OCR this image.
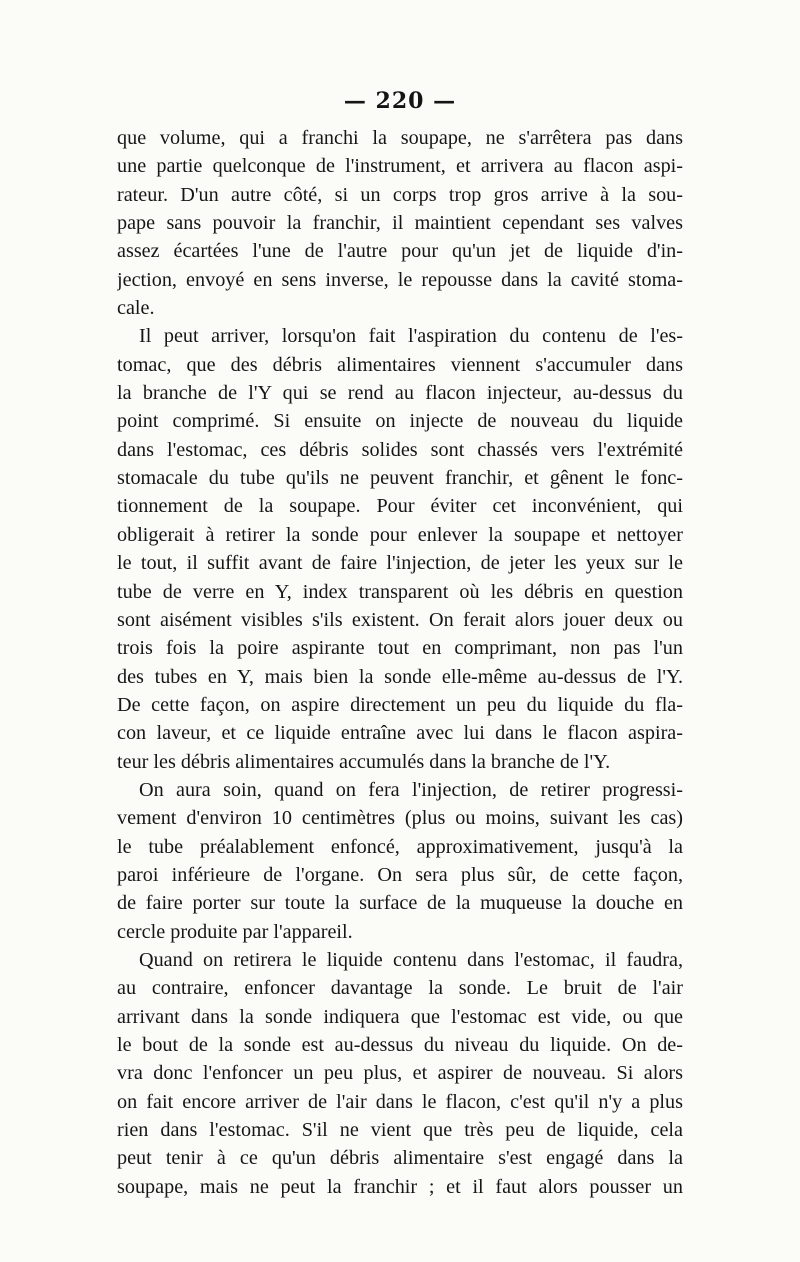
— 220 —
que volume, qui a franchi la soupape, ne s'arrêtera pas dans
une partie quelconque de l'instrument, et arrivera au flacon aspi-
rateur. D'un autre côté, si un corps trop gros arrive à la sou-
pape sans pouvoir la franchir, il maintient cependant ses valves
assez écartées l'une de l'autre pour qu'un jet de liquide d'in-
jection, envoyé en sens inverse, le repousse dans la cavité stoma-
cale.
Il peut arriver, lorsqu'on fait l'aspiration du contenu de l'es-
tomac, que des débris alimentaires viennent s'accumuler dans
la branche de l'Y qui se rend au flacon injecteur, au-dessus du
point comprimé. Si ensuite on injecte de nouveau du liquide
dans l'estomac, ces débris solides sont chassés vers l'extrémité
stomacale du tube qu'ils ne peuvent franchir, et gênent le fonc-
tionnement de la soupape. Pour éviter cet inconvénient, qui
obligerait à retirer la sonde pour enlever la soupape et nettoyer
le tout, il suffit avant de faire l'injection, de jeter les yeux sur le
tube de verre en Y, index transparent où les débris en question
sont aisément visibles s'ils existent. On ferait alors jouer deux ou
trois fois la poire aspirante tout en comprimant, non pas l'un
des tubes en Y, mais bien la sonde elle-même au-dessus de l'Y.
De cette façon, on aspire directement un peu du liquide du fla-
con laveur, et ce liquide entraîne avec lui dans le flacon aspira-
teur les débris alimentaires accumulés dans la branche de l'Y.
On aura soin, quand on fera l'injection, de retirer progressi-
vement d'environ 10 centimètres (plus ou moins, suivant les cas)
le tube préalablement enfoncé, approximativement, jusqu'à la
paroi inférieure de l'organe. On sera plus sûr, de cette façon,
de faire porter sur toute la surface de la muqueuse la douche en
cercle produite par l'appareil.
Quand on retirera le liquide contenu dans l'estomac, il faudra,
au contraire, enfoncer davantage la sonde. Le bruit de l'air
arrivant dans la sonde indiquera que l'estomac est vide, ou que
le bout de la sonde est au-dessus du niveau du liquide. On de-
vra donc l'enfoncer un peu plus, et aspirer de nouveau. Si alors
on fait encore arriver de l'air dans le flacon, c'est qu'il n'y a plus
rien dans l'estomac. S'il ne vient que très peu de liquide, cela
peut tenir à ce qu'un débris alimentaire s'est engagé dans la
soupape, mais ne peut la franchir ; et il faut alors pousser un
